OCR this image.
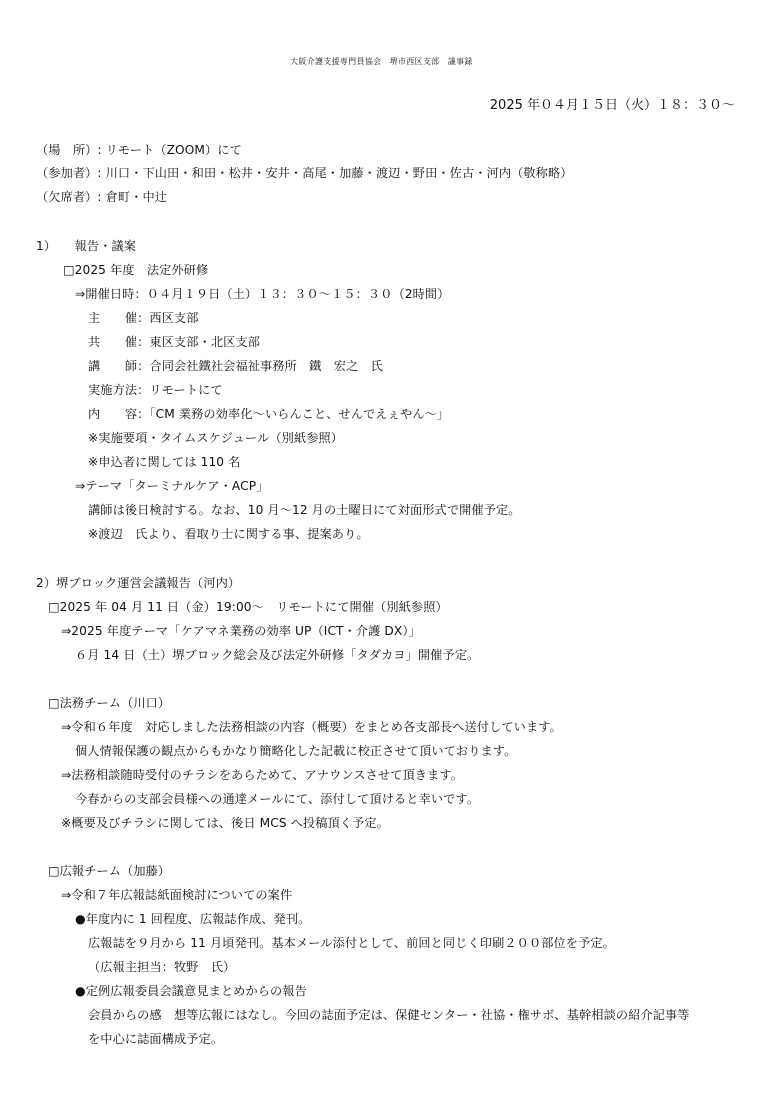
大阪介護支援専門員協会　堺市西区支部　議事録
2025 年０４月１５日（火）１８：３０～
（場　所）: リモート（ZOOM）にて
（参加者）: 川口・下山田・和田・松井・安井・高尾・加藤・渡辺・野田・佐古・河内（敬称略）
（欠席者）: 倉町・中辻
1）　　報告・議案
□2025 年度　法定外研修
⇒開催日時：０４月１９日（土）１３：３０～１５：３０（2時間）
主　　催：西区支部
共　　催：東区支部・北区支部
講　　師：合同会社鐵社会福祉事務所　鐵　宏之　氏
実施方法：リモートにて
内　　容：「CM 業務の効率化～いらんこと、せんでえぇやん～」
※実施要項・タイムスケジュール（別紙参照）
※申込者に関しては 110 名
⇒テーマ「ターミナルケア・ACP」
講師は後日検討する。なお、10 月～12 月の土曜日にて対面形式で開催予定。
※渡辺　氏より、看取り士に関する事、提案あり。
2）堺ブロック運営会議報告（河内）
□2025 年 04 月 11 日（金）19:00～　リモートにて開催（別紙参照）
⇒2025 年度テーマ「ケアマネ業務の効率 UP（ICT・介護 DX）」
６月 14 日（土）堺ブロック総会及び法定外研修「タダカヨ」開催予定。
□法務チーム（川口）
⇒令和６年度　対応しました法務相談の内容（概要）をまとめ各支部長へ送付しています。
個人情報保護の観点からもかなり簡略化した記載に校正させて頂いております。
⇒法務相談随時受付のチラシをあらためて、アナウンスさせて頂きます。
今春からの支部会員様への通達メールにて、添付して頂けると幸いです。
※概要及びチラシに関しては、後日 MCS へ投稿頂く予定。
□広報チーム（加藤）
⇒令和７年広報誌紙面検討についての案件
●年度内に 1 回程度、広報誌作成、発刊。
広報誌を９月から 11 月頃発刊。基本メール添付として、前回と同じく印刷２００部位を予定。
（広報主担当：牧野　氏）
●定例広報委員会議意見まとめからの報告
会員からの感　想等広報にはなし。今回の誌面予定は、保健センター・社協・権サボ、基幹相談の紹介記事等
を中心に誌面構成予定。
